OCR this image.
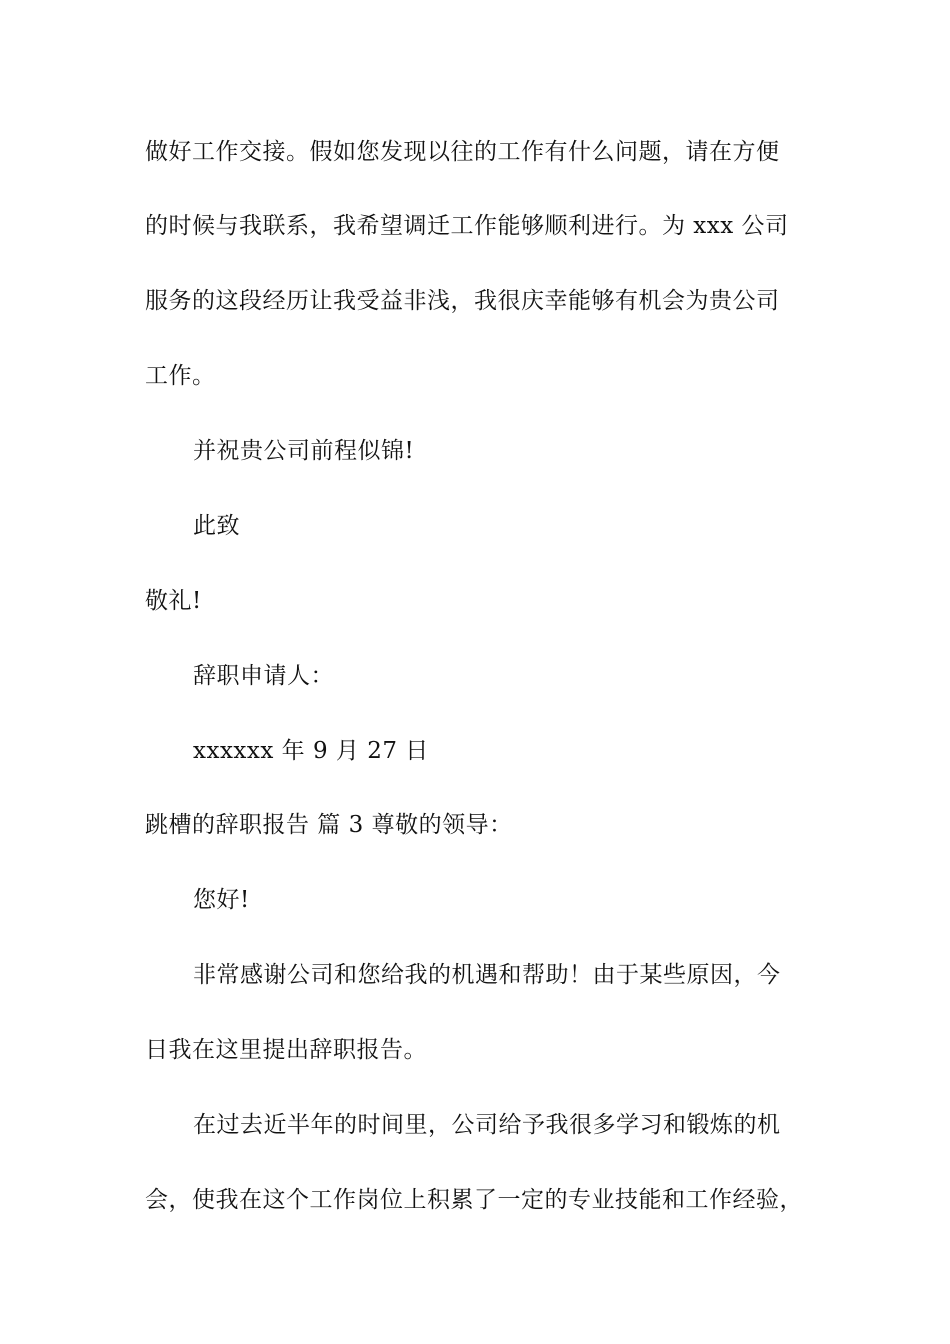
做好工作交接。假如您发现以往的工作有什么问题，请在方便
的时候与我联系，我希望调迁工作能够顺利进行。为 xxx 公司
服务的这段经历让我受益非浅，我很庆幸能够有机会为贵公司
工作。
并祝贵公司前程似锦!
此致
敬礼!
辞职申请人：
xxxxxx 年 9 月 27 日
跳槽的辞职报告 篇 3 尊敬的领导：
您好!
非常感谢公司和您给我的机遇和帮助！由于某些原因，今
日我在这里提出辞职报告。
在过去近半年的时间里，公司给予我很多学习和锻炼的机
会，使我在这个工作岗位上积累了一定的专业技能和工作经验，
